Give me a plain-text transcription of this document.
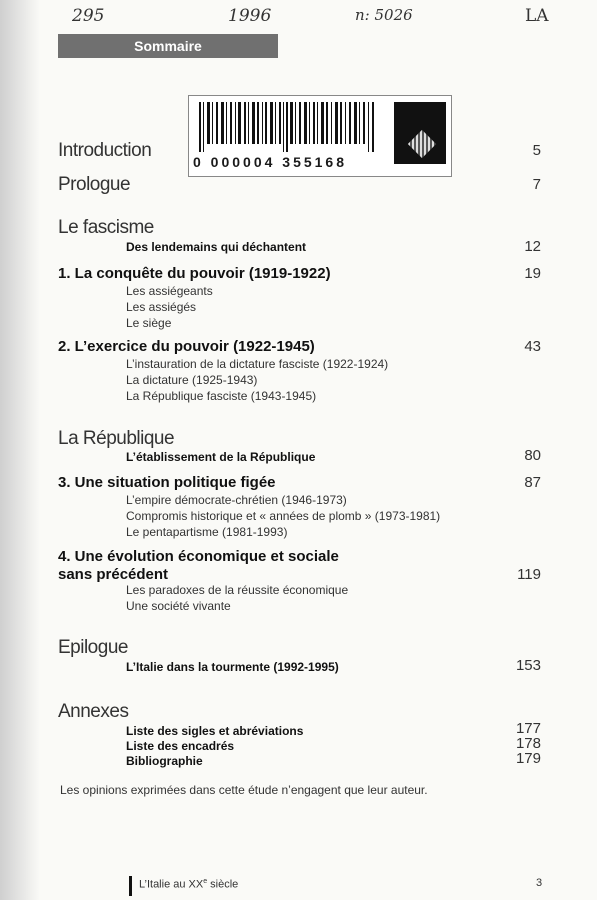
295	1996	n: 5026	LA
Sommaire
0 000004 355168
Introduction	5
Prologue	7
Le fascisme
Des lendemains qui déchantent	12
1. La conquête du pouvoir (1919-1922)	19
Les assiégeants
Les assiégés
Le siège
2. L’exercice du pouvoir (1922-1945)	43
L’instauration de la dictature fasciste (1922-1924)
La dictature (1925-1943)
La République fasciste (1943-1945)
La République
L’établissement de la République	80
3. Une situation politique figée	87
L’empire démocrate-chrétien (1946-1973)
Compromis historique et « années de plomb » (1973-1981)
Le pentapartisme (1981-1993)
4. Une évolution économique et sociale
sans précédent	119
Les paradoxes de la réussite économique
Une société vivante
Epilogue
L’Italie dans la tourmente (1992-1995)	153
Annexes
Liste des sigles et abréviations	177
Liste des encadrés	178
Bibliographie	179
Les opinions exprimées dans cette étude n’engagent que leur auteur.
L’Italie au XXe siècle	3
